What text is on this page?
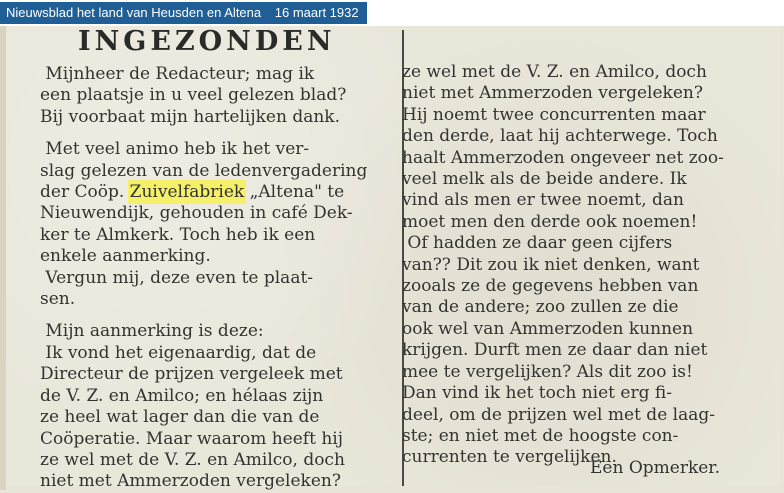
Nieuwsblad het land van Heusden en Altena 16 maart 1932
INGEZONDEN

Mijnheer de Redacteur; mag ik

een plaatsje in u veel gelezen blad?

Bij voorbaat mijn hartelijken dank.

Met veel animo heb ik het ver-

slag gelezen van de ledenvergadering

der Coöp. Zuivelfabriek „Altena" te

Nieuwendijk, gehouden in café Dek-

ker te Almkerk. Toch heb ik een

enkele aanmerking.

Vergun mij, deze even te plaat-

sen.

Mijn aanmerking is deze:

Ik vond het eigenaardig, dat de

Directeur de prijzen vergeleek met

de V. Z. en Amilco; en hélaas zijn

ze heel wat lager dan die van de

Coöperatie. Maar waarom heeft hij

ze wel met de V. Z. en Amilco, doch

niet met Ammerzoden vergeleken?

ze wel met de V. Z. en Amilco, doch

niet met Ammerzoden vergeleken?

Hij noemt twee concurrenten maar

den derde, laat hij achterwege. Toch

haalt Ammerzoden ongeveer net zoo-

veel melk als de beide andere. Ik

vind als men er twee noemt, dan

moet men den derde ook noemen!

Of hadden ze daar geen cijfers

van?? Dit zou ik niet denken, want

zooals ze de gegevens hebben van

van de andere; zoo zullen ze die

ook wel van Ammerzoden kunnen

krijgen. Durft men ze daar dan niet

mee te vergelijken? Als dit zoo is!

Dan vind ik het toch niet erg fi-

deel, om de prijzen wel met de laag-

ste; en niet met de hoogste con-

currenten te vergelijken.

Een Opmerker.
